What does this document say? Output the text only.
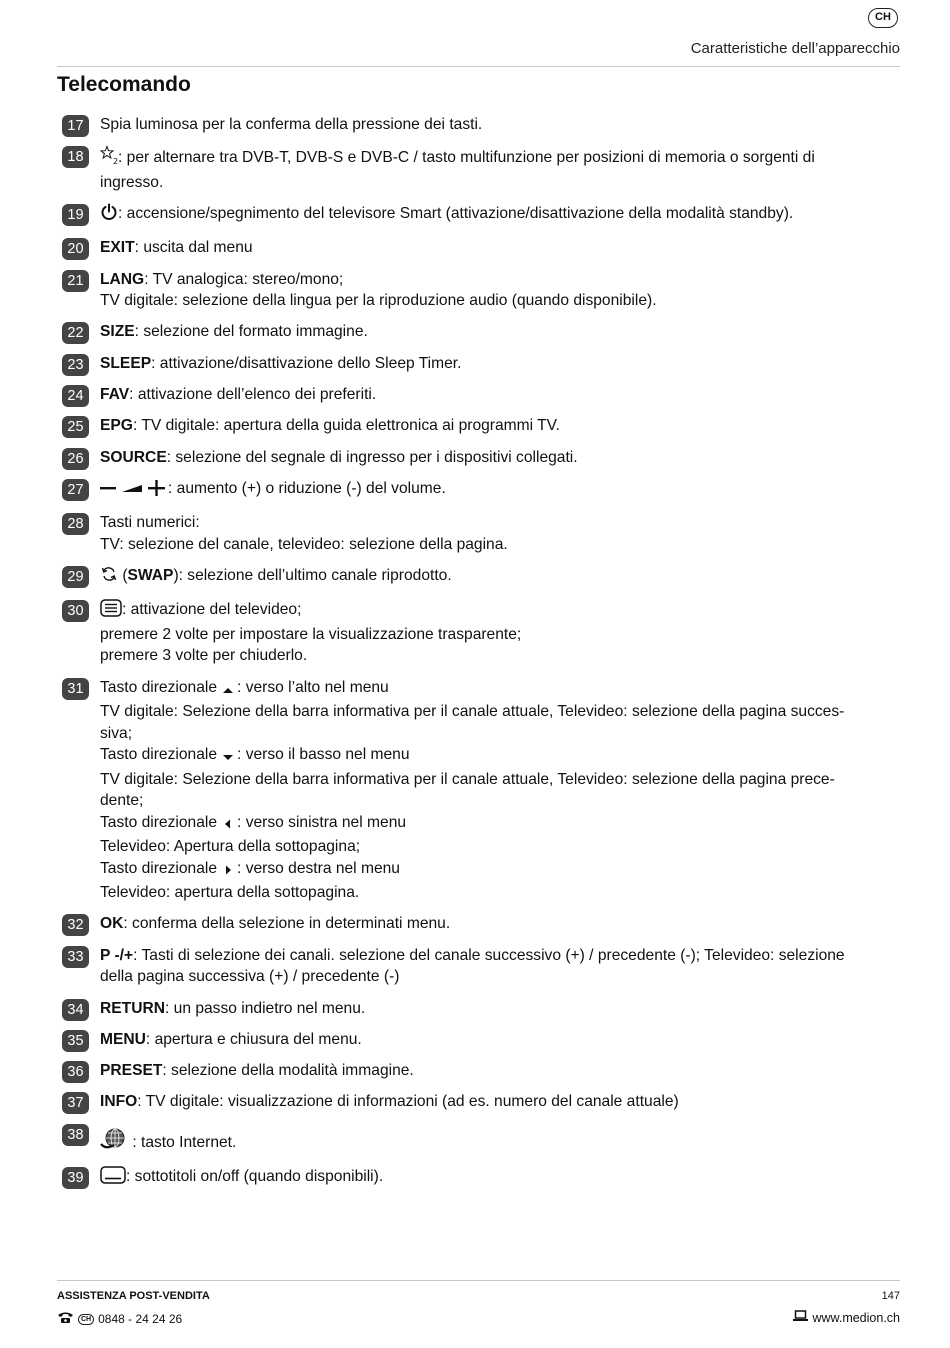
CH
Caratteristiche dell’apparecchio
Telecomando
17	Spia luminosa per la conferma della pressione dei tasti.
18	2 : per alternare tra DVB-T, DVB-S e DVB-C / tasto multifunzione per posizioni di memoria o sorgenti di
ingresso.
19	: accensione/spegnimento del televisore Smart (attivazione/disattivazione della modalità standby).
20	EXIT: uscita dal menu
21	LANG: TV analogica: stereo/mono;
TV digitale: selezione della lingua per la riproduzione audio (quando disponibile).
22	SIZE: selezione del formato immagine.
23	SLEEP: attivazione/disattivazione dello Sleep Timer.
24	FAV: attivazione dell’elenco dei preferiti.
25	EPG: TV digitale: apertura della guida elettronica ai programmi TV.
26	SOURCE: selezione del segnale di ingresso per i dispositivi collegati.
27	: aumento (+) o riduzione (-) del volume.
28	Tasti numerici:
TV: selezione del canale, televideo: selezione della pagina.
29	(SWAP): selezione dell’ultimo canale riprodotto.
30	: attivazione del televideo;
premere 2 volte per impostare la visualizzazione trasparente;
premere 3 volte per chiuderlo.
31	Tasto direzionale : verso l’alto nel menu
TV digitale: Selezione della barra informativa per il canale attuale, Televideo: selezione della pagina succes-
siva;
Tasto direzionale : verso il basso nel menu
TV digitale: Selezione della barra informativa per il canale attuale, Televideo: selezione della pagina prece-
dente;
Tasto direzionale : verso sinistra nel menu
Televideo: Apertura della sottopagina;
Tasto direzionale : verso destra nel menu
Televideo: apertura della sottopagina.
32	OK: conferma della selezione in determinati menu.
33	P -/+: Tasti di selezione dei canali. selezione del canale successivo (+) / precedente (-); Televideo: selezione
della pagina successiva (+) / precedente (-)
34	RETURN: un passo indietro nel menu.
35	MENU: apertura e chiusura del menu.
36	PRESET: selezione della modalità immagine.
37	INFO: TV digitale: visualizzazione di informazioni (ad es. numero del canale attuale)
38	: tasto Internet.
39	: sottotitoli on/off (quando disponibili).
ASSISTENZA POST-VENDITA
CH 0848 - 24 24 26
147
www.medion.ch
